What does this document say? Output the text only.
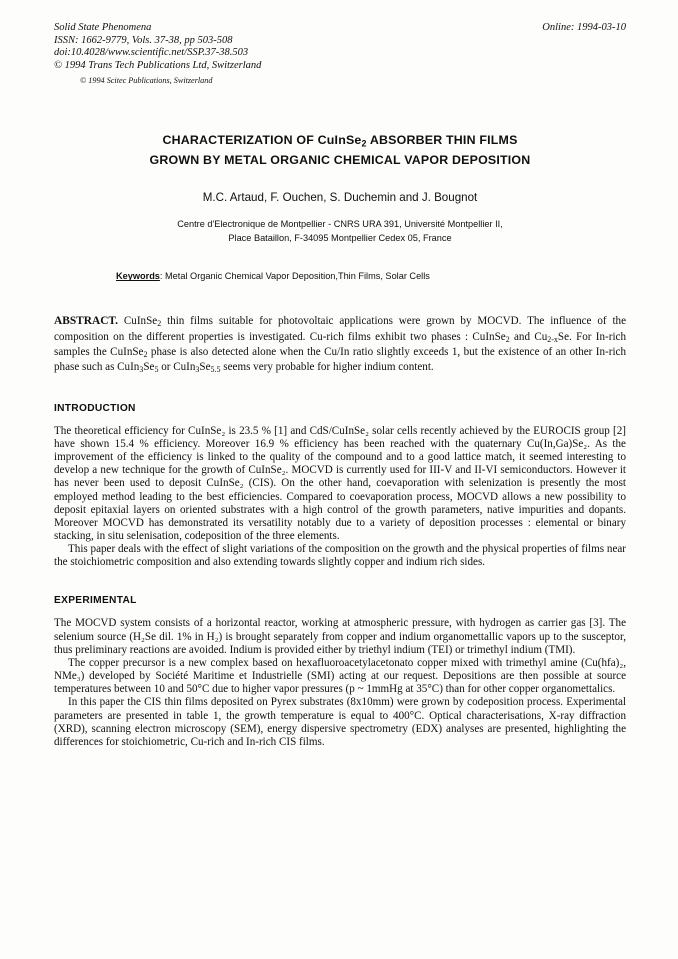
Solid State Phenomena
ISSN: 1662-9779, Vols. 37-38, pp 503-508
doi:10.4028/www.scientific.net/SSP.37-38.503
© 1994 Trans Tech Publications Ltd, Switzerland
Online: 1994-03-10
© 1994 Scitec Publications, Switzerland
CHARACTERIZATION OF CuInSe$_2$ ABSORBER THIN FILMS
GROWN BY METAL ORGANIC CHEMICAL VAPOR DEPOSITION
M.C. Artaud, F. Ouchen, S. Duchemin and J. Bougnot
Centre d'Electronique de Montpellier - CNRS URA 391, Université Montpellier II,
Place Bataillon, F-34095 Montpellier Cedex 05, France
Keywords: Metal Organic Chemical Vapor Deposition,Thin Films, Solar Cells
ABSTRACT. CuInSe$_2$ thin films suitable for photovoltaic applications were grown by MOCVD. The influence of the composition on the different properties is investigated. Cu-rich films exhibit two phases : CuInSe$_2$ and $Cu_{2-x}Se$. For In-rich samples the CuInSe$_2$ phase is also detected alone when the Cu/In ratio slightly exceeds 1, but the existence of an other In-rich phase such as $CuIn_3Se_5$ or $CuIn_3Se_{5.5}$ seems very probable for higher indium content.
INTRODUCTION
The theoretical efficiency for CuInSe₂ is 23.5 % [1] and CdS/CuInSe₂ solar cells recently achieved by the EUROCIS group [2] have shown 15.4 % efficiency. Moreover 16.9 % efficiency has been reached with the quaternary Cu(In,Ga)Se₂. As the improvement of the efficiency is linked to the quality of the compound and to a good lattice match, it seemed interesting to develop a new technique for the growth of CuInSe₂. MOCVD is currently used for III-V and II-VI semiconductors. However it has never been used to deposit CuInSe₂ (CIS). On the other hand, coevaporation with selenization is presently the most employed method leading to the best efficiencies. Compared to coevaporation process, MOCVD allows a new possibility to deposit epitaxial layers on oriented substrates with a high control of the growth parameters, native impurities and dopants. Moreover MOCVD has demonstrated its versatility notably due to a variety of deposition processes : elemental or binary stacking, in situ selenisation, codeposition of the three elements.
This paper deals with the effect of slight variations of the composition on the growth and the physical properties of films near the stoichiometric composition and also extending towards slightly copper and indium rich sides.
EXPERIMENTAL
The MOCVD system consists of a horizontal reactor, working at atmospheric pressure, with hydrogen as carrier gas [3]. The selenium source (H₂Se dil. 1% in H₂) is brought separately from copper and indium organomettallic vapors up to the susceptor, thus preliminary reactions are avoided. Indium is provided either by triethyl indium (TEI) or trimethyl indium (TMI).
The copper precursor is a new complex based on hexafluoroacetylacetonato copper mixed with trimethyl amine (Cu(hfa)₂, NMe₃) developed by Société Maritime et Industrielle (SMI) acting at our request. Depositions are then possible at source temperatures between 10 and 50°C due to higher vapor pressures (p ~ 1mmHg at 35°C) than for other copper organomettalics.
In this paper the CIS thin films deposited on Pyrex substrates (8x10mm) were grown by codeposition process. Experimental parameters are presented in table 1, the growth temperature is equal to 400°C. Optical characterisations, X-ray diffraction (XRD), scanning electron microscopy (SEM), energy dispersive spectrometry (EDX) analyses are presented, highlighting the differences for stoichiometric, Cu-rich and In-rich CIS films.
